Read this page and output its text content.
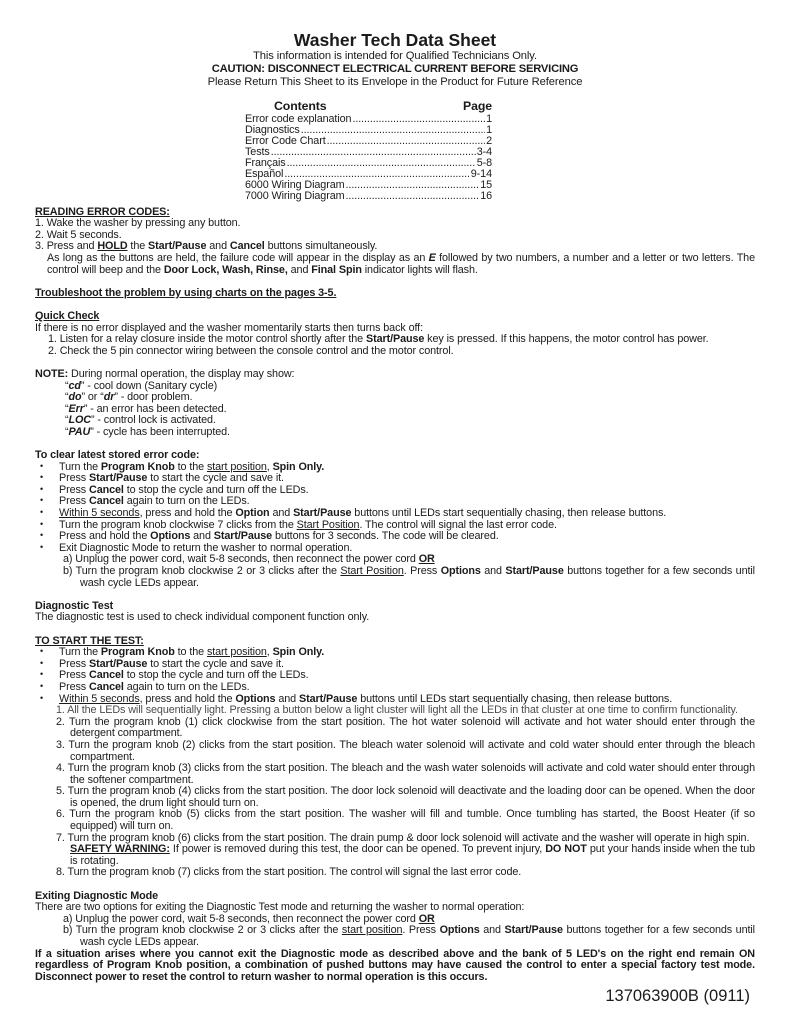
Washer Tech Data Sheet
This information is intended for Qualified Technicians Only.
CAUTION: DISCONNECT ELECTRICAL CURRENT BEFORE SERVICING
Please Return This Sheet to its Envelope in the Product for Future Reference
Contents	Page
Error code explanation .....	1
Diagnostics .....	1
Error Code Chart .....	2
Tests .....	3-4
Français .....	5-8
Español .....	9-14
6000 Wiring Diagram .....	15
7000 Wiring Diagram .....	16
READING ERROR CODES:
1. Wake the washer by pressing any button.
2. Wait 5 seconds.
3. Press and HOLD the Start/Pause and Cancel buttons simultaneously.
As long as the buttons are held, the failure code will appear in the display as an E followed by two numbers, a number and a letter or two letters. The control will beep and the Door Lock, Wash, Rinse, and Final Spin indicator lights will flash.
Troubleshoot the problem by using charts on the pages 3-5.
Quick Check
If there is no error displayed and the washer momentarily starts then turns back off:
1. Listen for a relay closure inside the motor control shortly after the Start/Pause key is pressed. If this happens, the motor control has power.
2. Check the 5 pin connector wiring between the console control and the motor control.
NOTE: During normal operation, the display may show:
“cd” - cool down (Sanitary cycle)
“do” or “dr” - door problem.
“Err” - an error has been detected.
“LOC” - control lock is activated.
“PAU” - cycle has been interrupted.
To clear latest stored error code:
• Turn the Program Knob to the start position, Spin Only.
• Press Start/Pause to start the cycle and save it.
• Press Cancel to stop the cycle and turn off the LEDs.
• Press Cancel again to turn on the LEDs.
• Within 5 seconds, press and hold the Option and Start/Pause buttons until LEDs start sequentially chasing, then release buttons.
• Turn the program knob clockwise 7 clicks from the Start Position. The control will signal the last error code.
• Press and hold the Options and Start/Pause buttons for 3 seconds. The code will be cleared.
• Exit Diagnostic Mode to return the washer to normal operation.
a) Unplug the power cord, wait 5-8 seconds, then reconnect the power cord OR
b) Turn the program knob clockwise 2 or 3 clicks after the Start Position. Press Options and Start/Pause buttons together for a few seconds until wash cycle LEDs appear.
Diagnostic Test
The diagnostic test is used to check individual component function only.
TO START THE TEST:
• Turn the Program Knob to the start position, Spin Only.
• Press Start/Pause to start the cycle and save it.
• Press Cancel to stop the cycle and turn off the LEDs.
• Press Cancel again to turn on the LEDs.
• Within 5 seconds, press and hold the Options and Start/Pause buttons until LEDs start sequentially chasing, then release buttons.
1. All the LEDs will sequentially light. Pressing a button below a light cluster will light all the LEDs in that cluster at one time to confirm functionality.
2. Turn the program knob (1) click clockwise from the start position. The hot water solenoid will activate and hot water should enter through the detergent compartment.
3. Turn the program knob (2) clicks from the start position. The bleach water solenoid will activate and cold water should enter through the bleach compartment.
4. Turn the program knob (3) clicks from the start position. The bleach and the wash water solenoids will activate and cold water should enter through the softener compartment.
5. Turn the program knob (4) clicks from the start position. The door lock solenoid will deactivate and the loading door can be opened. When the door is opened, the drum light should turn on.
6. Turn the program knob (5) clicks from the start position. The washer will fill and tumble. Once tumbling has started, the Boost Heater (if so equipped) will turn on.
7. Turn the program knob (6) clicks from the start position. The drain pump & door lock solenoid will activate and the washer will operate in high spin.
SAFETY WARNING: If power is removed during this test, the door can be opened. To prevent injury, DO NOT put your hands inside when the tub is rotating.
8. Turn the program knob (7) clicks from the start position. The control will signal the last error code.
Exiting Diagnostic Mode
There are two options for exiting the Diagnostic Test mode and returning the washer to normal operation:
a) Unplug the power cord, wait 5-8 seconds, then reconnect the power cord OR
b) Turn the program knob clockwise 2 or 3 clicks after the start position. Press Options and Start/Pause buttons together for a few seconds until wash cycle LEDs appear.
If a situation arises where you cannot exit the Diagnostic mode as described above and the bank of 5 LED's on the right end remain ON regardless of Program Knob position, a combination of pushed buttons may have caused the control to enter a special factory test mode. Disconnect power to reset the control to return washer to normal operation is this occurs.
137063900B (0911)
